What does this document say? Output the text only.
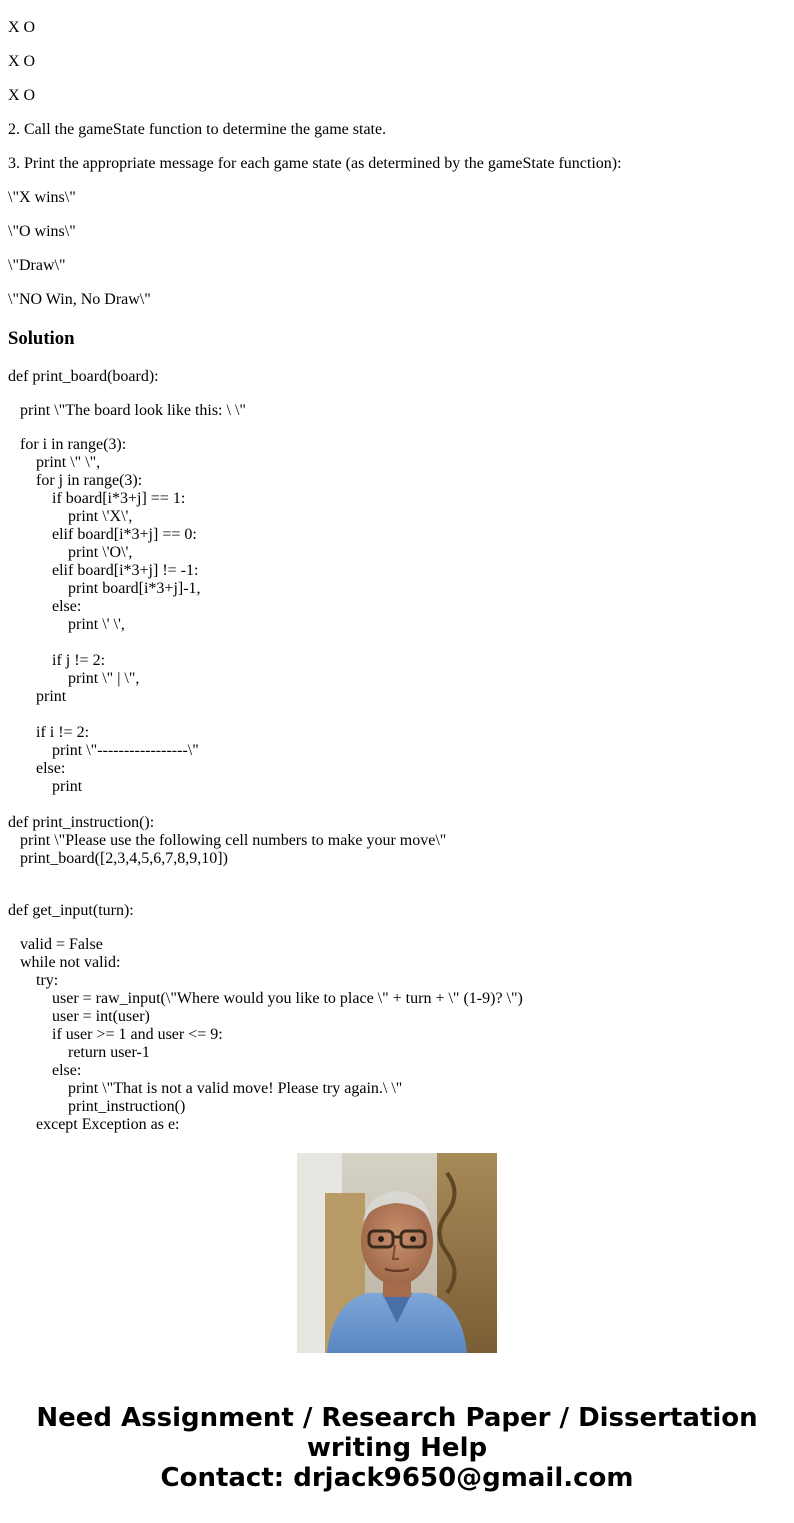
X O

X O

X O

2. Call the gameState function to determine the game state.

3. Print the appropriate message for each game state (as determined by the gameState function):

\"X wins\"

\"O wins\"

\"Draw\"

\"NO Win, No Draw\"

Solution

def print_board(board):

print \"The board look like this: \ \"

for i in range(3):

print \" \",

for j in range(3):

if board[i*3+j] == 1:

print \'X\',

elif board[i*3+j] == 0:

print \'O\',

elif board[i*3+j] != -1:

print board[i*3+j]-1,

else:

print \' \',

if j != 2:

print \" | \",

print

if i != 2:

print \"-----------------\"

else:

print

def print_instruction():

print \"Please use the following cell numbers to make your move\"

print_board([2,3,4,5,6,7,8,9,10])

def get_input(turn):

valid = False

while not valid:

try:

user = raw_input(\"Where would you like to place \" + turn + \" (1-9)? \")

user = int(user)

if user >= 1 and user <= 9:

return user-1

else:

print \"That is not a valid move! Please try again.\ \"

print_instruction()

except Exception as e:

Need Assignment / Research Paper / Dissertation
writing Help
Contact: drjack9650@gmail.com
